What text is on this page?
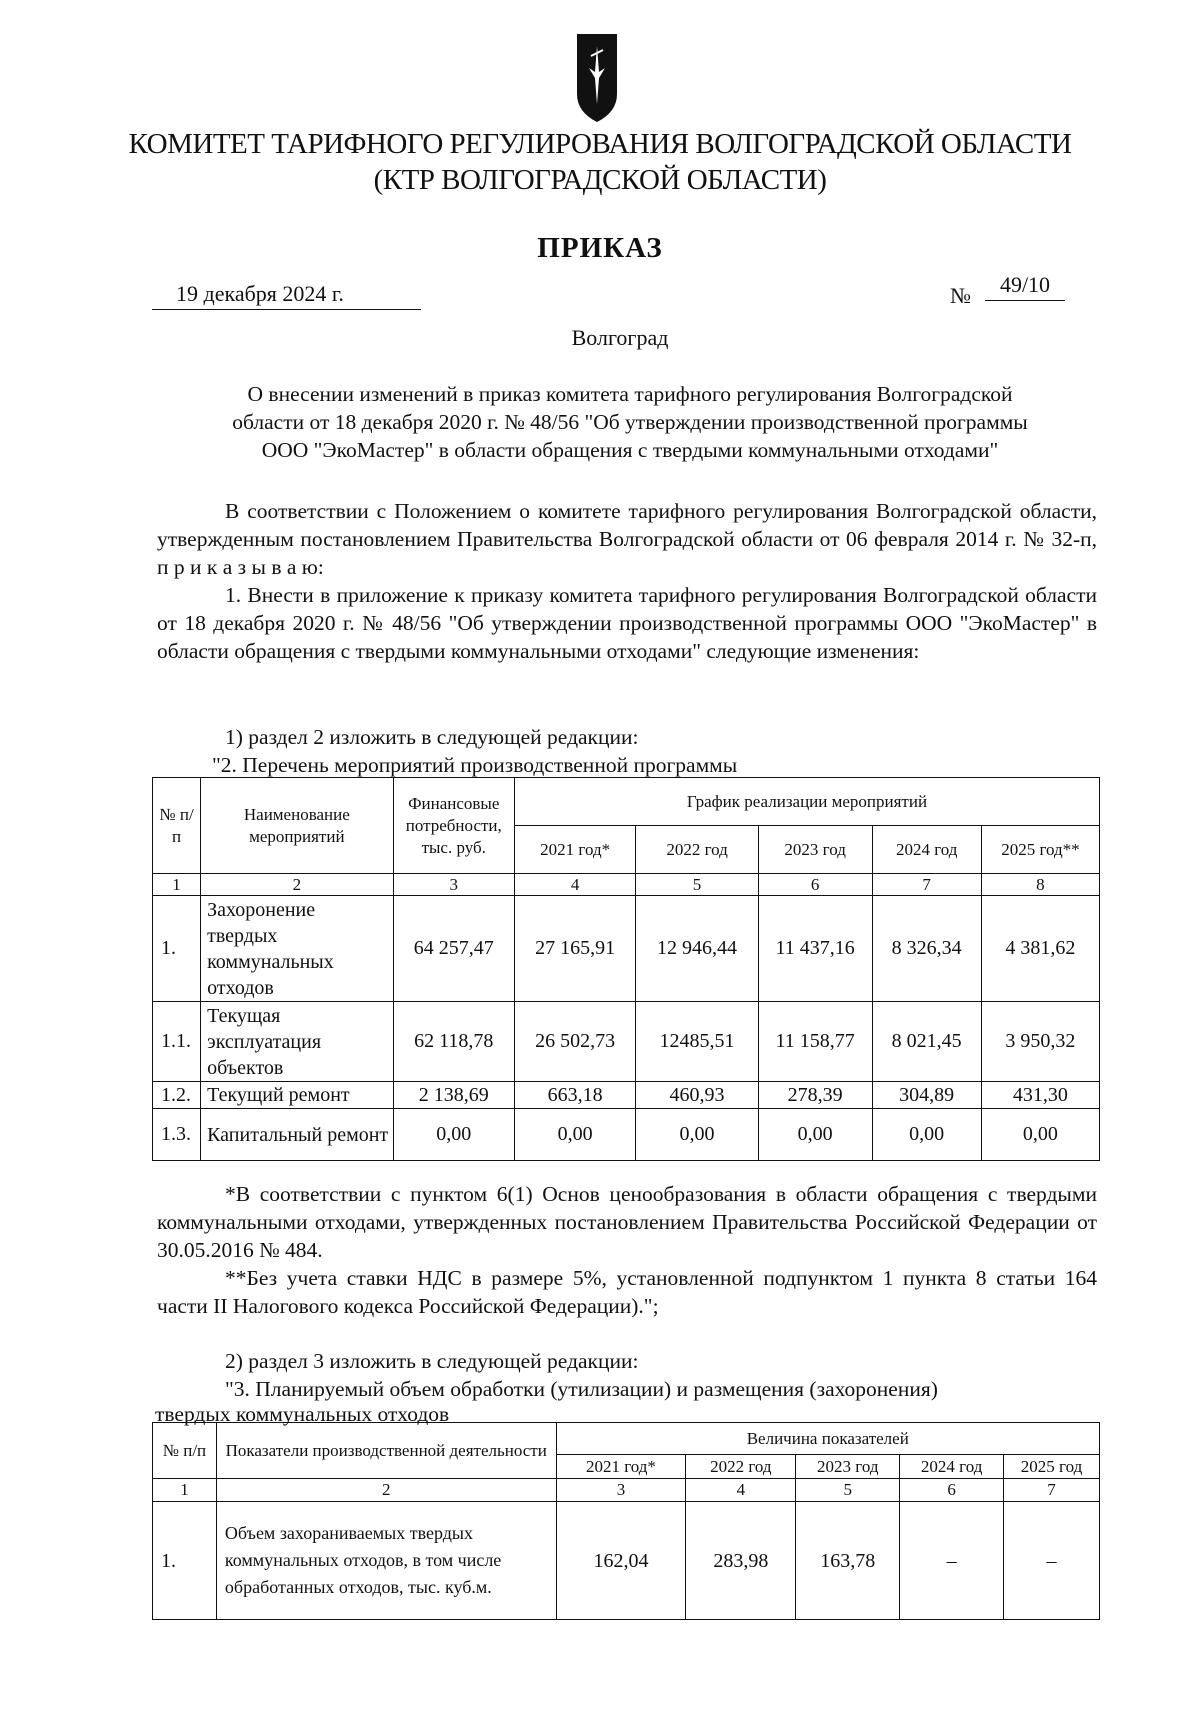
КОМИТЕТ ТАРИФНОГО РЕГУЛИРОВАНИЯ ВОЛГОГРАДСКОЙ ОБЛАСТИ
(КТР ВОЛГОГРАДСКОЙ ОБЛАСТИ)
ПРИКАЗ
19 декабря 2024 г.	№	49/10
Волгоград
О внесении изменений в приказ комитета тарифного регулирования Волгоградской
области от 18 декабря 2020 г. № 48/56 "Об утверждении производственной программы
ООО "ЭкоМастер" в области обращения с твердыми коммунальными отходами"
В соответствии с Положением о комитете тарифного регулирования Волгоградской области, утвержденным постановлением Правительства Волгоградской области от 06 февраля 2014 г. № 32-п, п р и к а з ы в а ю:
1. Внести в приложение к приказу комитета тарифного регулирования Волгоградской области от 18 декабря 2020 г. № 48/56 "Об утверждении производственной программы ООО "ЭкоМастер" в области обращения с твердыми коммунальными отходами" следующие изменения:
1) раздел 2 изложить в следующей редакции:
"2. Перечень мероприятий производственной программы
№ п/п	Наименование мероприятий	Финансовые потребности, тыс. руб.	График реализации мероприятий				
			2021 год*	2022 год	2023 год	2024 год	2025 год**
1	2	3	4	5	6	7	8
1.	Захоронение твердых коммунальных отходов	64 257,47	27 165,91	12 946,44	11 437,16	8 326,34	4 381,62
1.1.	Текущая эксплуатация объектов	62 118,78	26 502,73	12485,51	11 158,77	8 021,45	3 950,32
1.2.	Текущий ремонт	2 138,69	663,18	460,93	278,39	304,89	431,30
1.3.	Капитальный ремонт	0,00	0,00	0,00	0,00	0,00	0,00
*В соответствии с пунктом 6(1) Основ ценообразования в области обращения с твердыми коммунальными отходами, утвержденных постановлением Правительства Российской Федерации от 30.05.2016 № 484.
**Без учета ставки НДС в размере 5%, установленной подпунктом 1 пункта 8 статьи 164 части II Налогового кодекса Российской Федерации).";
2) раздел 3 изложить в следующей редакции:
"3. Планируемый объем обработки (утилизации) и размещения (захоронения)
твердых коммунальных отходов
№ п/п	Показатели производственной деятельности	Величина показателей				
		2021 год*	2022 год	2023 год	2024 год	2025 год
1	2	3	4	5	6	7
1.	Объем захораниваемых твердых коммунальных отходов, в том числе обработанных отходов, тыс. куб.м.	162,04	283,98	163,78	–	–
